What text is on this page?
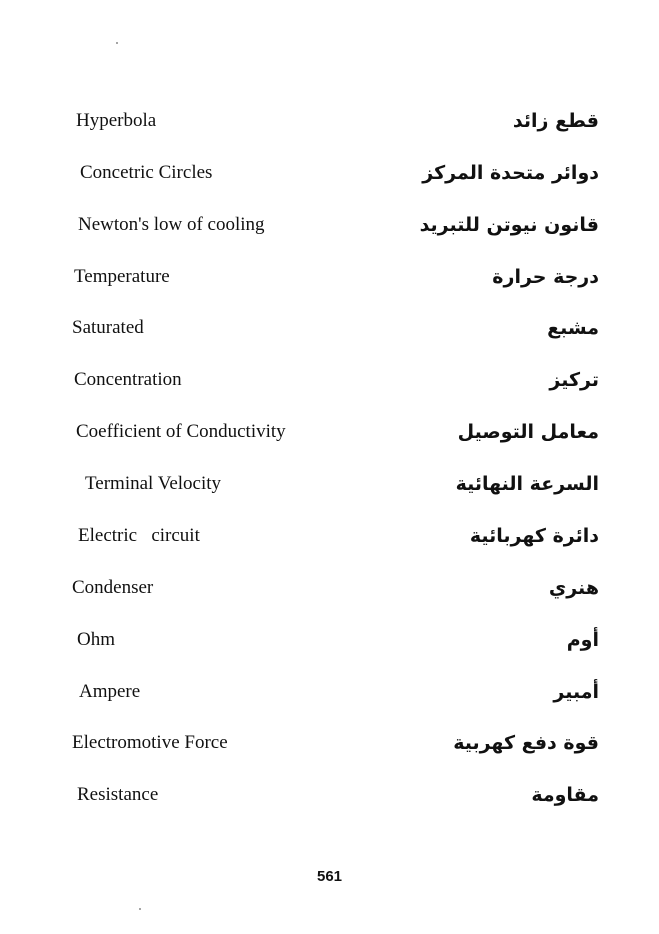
Hyperbola	قطع زائد
Concetric Circles	دوائر متحدة المركز
Newton's low of cooling	قانون نيوتن للتبريد
Temperature	درجة حرارة
Saturated	مشبع
Concentration	تركيز
Coefficient of Conductivity	معامل التوصيل
Terminal Velocity	السرعة النهائية
Electric   circuit	دائرة كهربائية
Condenser	هنري
Ohm	أوم
Ampere	أمبير
Electromotive Force	قوة دفع كهربية
Resistance	مقاومة
561
